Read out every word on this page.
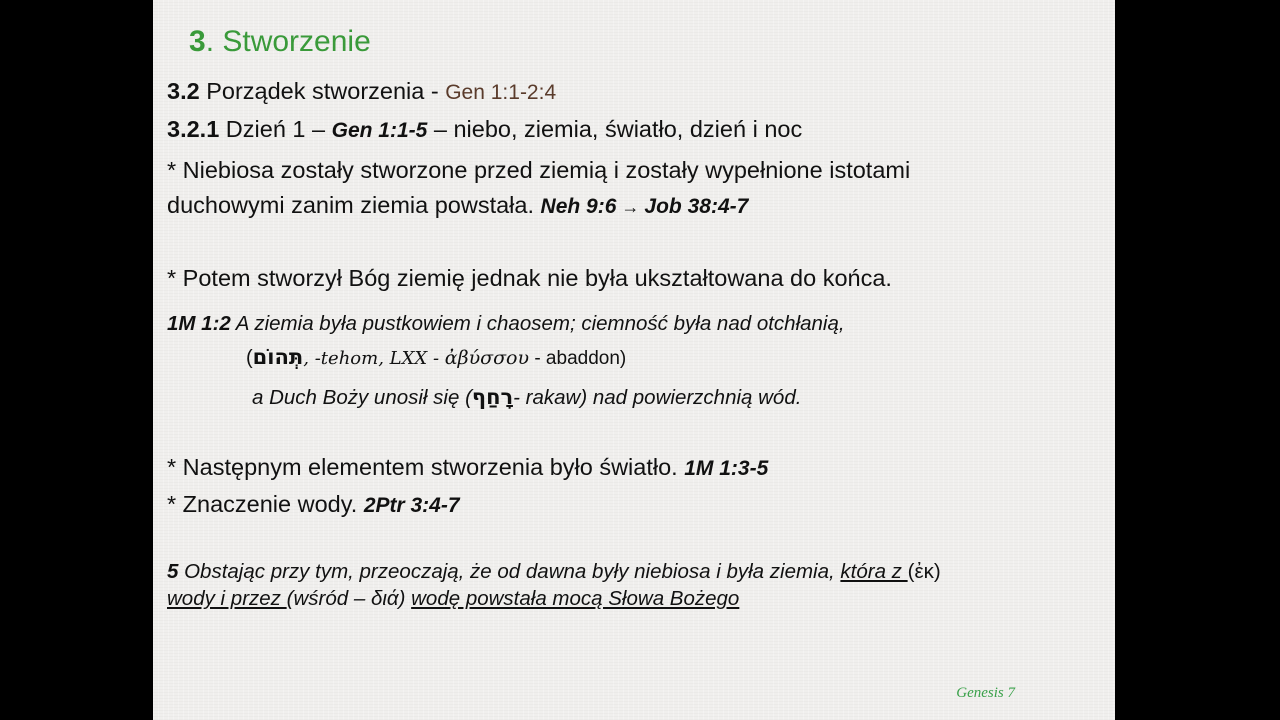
3. Stworzenie
3.2 Porządek stworzenia - Gen 1:1-2:4
3.2.1 Dzień 1 – Gen 1:1-5 – niebo, ziemia, światło, dzień i noc
* Niebiosa zostały stworzone przed ziemią i zostały wypełnione istotami
duchowymi zanim ziemia powstała. Neh 9:6 → Job 38:4-7
* Potem stworzył Bóg ziemię jednak nie była ukształtowana do końca.
1M 1:2 A ziemia była pustkowiem i chaosem; ciemność była nad otchłanią,
(תְּהוֹם, -tehom, LXX - ἀβύσσου - abaddon)
a Duch Boży unosił się (רָחַף- rakaw) nad powierzchnią wód.
* Następnym elementem stworzenia było światło. 1M 1:3-5
* Znaczenie wody. 2Ptr 3:4-7
5 Obstając przy tym, przeoczają, że od dawna były niebiosa i była ziemia, która z (ἐκ)
wody i przez (wśród – διά) wodę powstała mocą Słowa Bożego
Genesis 7
